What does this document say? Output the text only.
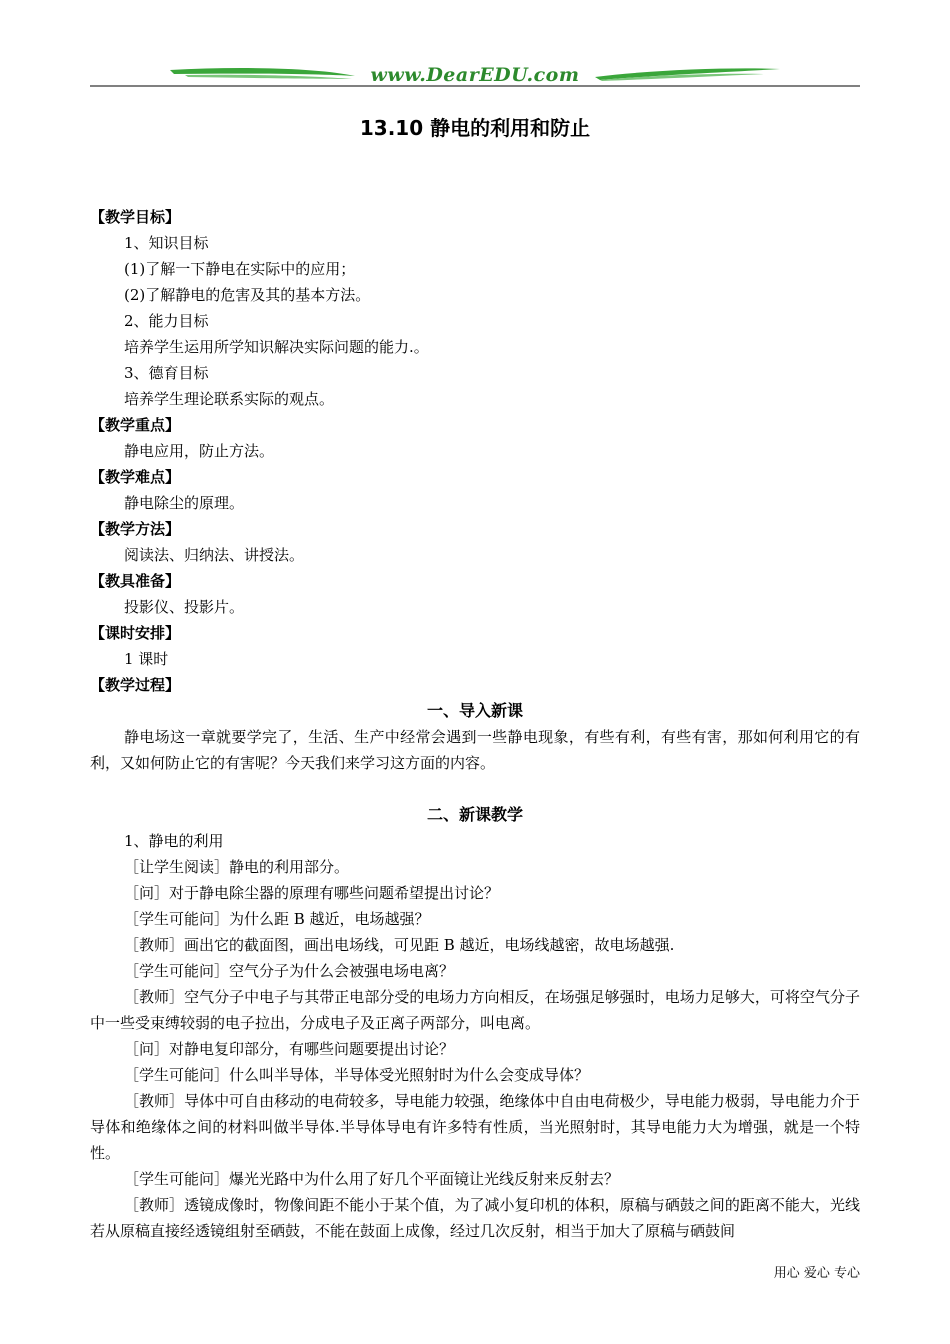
www.DearEDU.com
13.10 静电的利用和防止
【教学目标】
1、知识目标
(1)了解一下静电在实际中的应用；
(2)了解静电的危害及其的基本方法。
2、能力目标
培养学生运用所学知识解决实际问题的能力.。
3、德育目标
培养学生理论联系实际的观点。
【教学重点】
静电应用，防止方法。
【教学难点】
静电除尘的原理。
【教学方法】
阅读法、归纳法、讲授法。
【教具准备】
投影仪、投影片。
【课时安排】
1 课时
【教学过程】
一、导入新课
静电场这一章就要学完了，生活、生产中经常会遇到一些静电现象，有些有利，有些有害，那如何利用它的有利，又如何防止它的有害呢？今天我们来学习这方面的内容。
二、新课教学
1、静电的利用
［让学生阅读］静电的利用部分。
［问］对于静电除尘器的原理有哪些问题希望提出讨论？
［学生可能问］为什么距 B 越近，电场越强？
［教师］画出它的截面图，画出电场线，可见距 B 越近，电场线越密，故电场越强.
［学生可能问］空气分子为什么会被强电场电离？
［教师］空气分子中电子与其带正电部分受的电场力方向相反，在场强足够强时，电场力足够大，可将空气分子中一些受束缚较弱的电子拉出，分成电子及正离子两部分，叫电离。
［问］对静电复印部分，有哪些问题要提出讨论？
［学生可能问］什么叫半导体，半导体受光照射时为什么会变成导体？
［教师］导体中可自由移动的电荷较多，导电能力较强，绝缘体中自由电荷极少，导电能力极弱，导电能力介于导体和绝缘体之间的材料叫做半导体.半导体导电有许多特有性质，当光照射时，其导电能力大为增强，就是一个特性。
［学生可能问］爆光光路中为什么用了好几个平面镜让光线反射来反射去？
［教师］透镜成像时，物像间距不能小于某个值，为了减小复印机的体积，原稿与硒鼓之间的距离不能大，光线若从原稿直接经透镜组射至硒鼓，不能在鼓面上成像，经过几次反射，相当于加大了原稿与硒鼓间
用心 爱心 专心
